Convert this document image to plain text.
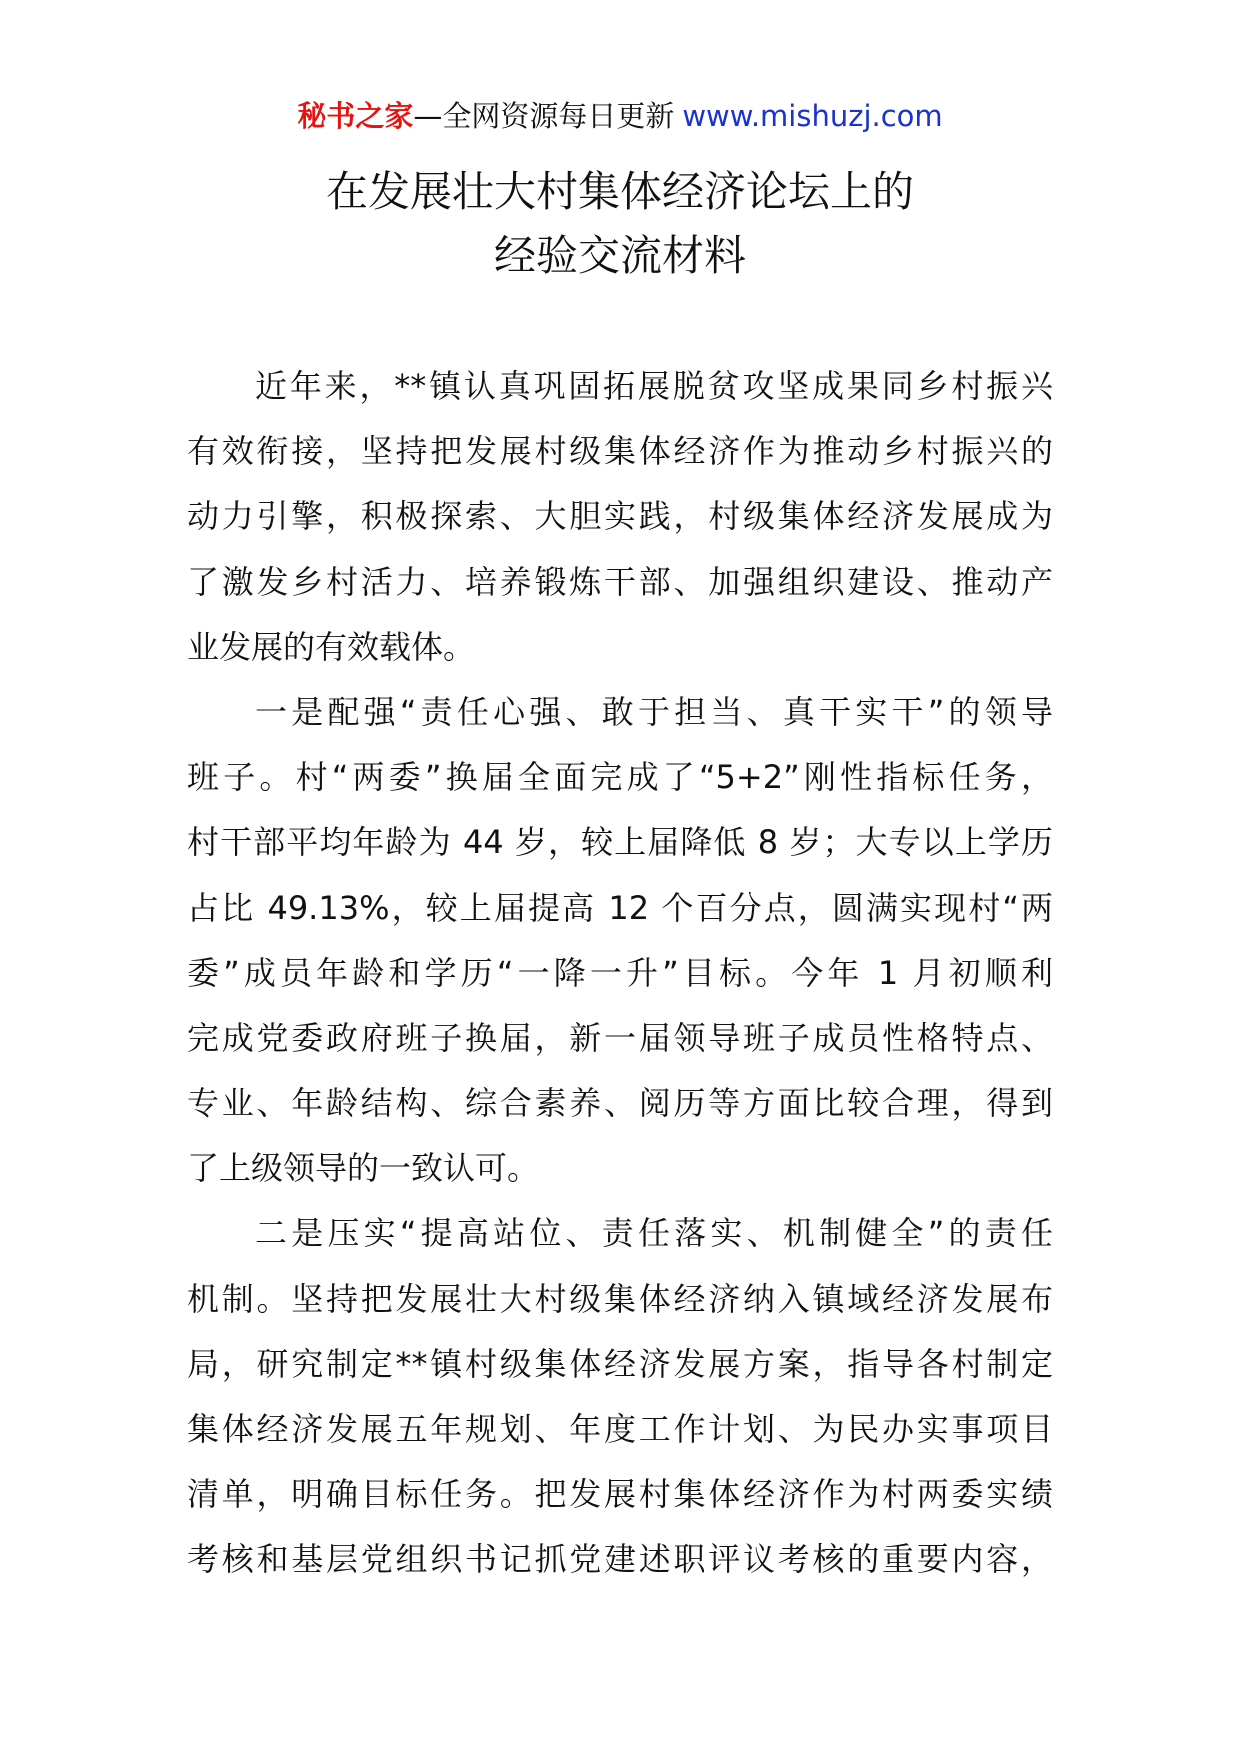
秘书之家—全网资源每日更新 www.mishuzj.com
在发展壮大村集体经济论坛上的
经验交流材料
近年来，**镇认真巩固拓展脱贫攻坚成果同乡村振兴
有效衔接，坚持把发展村级集体经济作为推动乡村振兴的
动力引擎，积极探索、大胆实践，村级集体经济发展成为
了激发乡村活力、培养锻炼干部、加强组织建设、推动产
业发展的有效载体。
一是配强“责任心强、敢于担当、真干实干”的领导
班子。村“两委”换届全面完成了“5+2”刚性指标任务，
村干部平均年龄为 44 岁，较上届降低 8 岁；大专以上学历
占比 49.13%，较上届提高 12 个百分点，圆满实现村“两
委”成员年龄和学历“一降一升”目标。今年 1 月初顺利
完成党委政府班子换届，新一届领导班子成员性格特点、
专业、年龄结构、综合素养、阅历等方面比较合理，得到
了上级领导的一致认可。
二是压实“提高站位、责任落实、机制健全”的责任
机制。坚持把发展壮大村级集体经济纳入镇域经济发展布
局，研究制定**镇村级集体经济发展方案，指导各村制定
集体经济发展五年规划、年度工作计划、为民办实事项目
清单，明确目标任务。把发展村集体经济作为村两委实绩
考核和基层党组织书记抓党建述职评议考核的重要内容，
